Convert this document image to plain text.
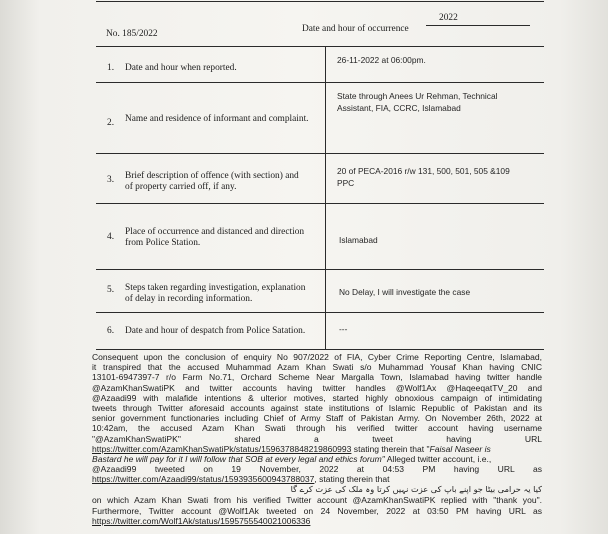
No. 185/2022	Date and hour of occurrence
2022
1. Date and hour when reported.
26-11-2022 at 06:00pm.
2. Name and residence of informant and complaint.
State through Anees Ur Rehman, Technical
Assistant, FIA, CCRC, Islamabad
3. Brief description of offence (with section) and
of property carried off, if any.
20 of PECA-2016 r/w 131, 500, 501, 505 &109
PPC
4. Place of occurrence and distanced and direction
from Police Station.	Islamabad
5. Steps taken regarding investigation, explanation
of delay in recording information.
No Delay, I will investigate the case
6. Date and hour of despatch from Police Satation.	---
Consequent upon the conclusion of enquiry No 907/2022 of FIA, Cyber Crime Reporting Centre, Islamabad,
it transpired that the accused Muhammad Azam Khan Swati s/o Muhammad Yousaf Khan having CNIC
13101-6947397-7 r/o Farm No.71, Orchard Scheme Near Margalla Town, Islamabad having twitter handle
@AzamKhanSwatiPK and twitter accounts having twitter handles @Wolf1Ax @HaqeeqatTV_20 and
@Azaadi99 with malafide intentions & ulterior motives, started highly obnoxious campaign of intimidating
tweets through Twitter aforesaid accounts against state institutions of Islamic Republic of Pakistan and its
senior government functionaries including Chief of Army Staff of Pakistan Army. On November 26th, 2022 at
10:42am, the accused Azam Khan Swati through his verified twitter account having username
"@AzamKhanSwatiPK"	shared	a	tweet	having	URL
https://twitter.com/AzamKhanSwatiPk/status/1596378848219860993 stating therein that "Faisal Naseer is
Bastard he will pay for it I will follow that SOB at every legal and ethics forum" Alleged twitter account, i.e.,
@Azaadi99 tweeted on 19 November, 2022 at 04:53 PM having URL as
https://twitter.com/Azaadi99/status/1593935600943788037, stating therein that
کیا یہ حرامی بیٹا جو اپنے باپ کی عزت نہیں کرتا وہ ملک کی عزت کرے گا
on which Azam Khan Swati from his verified Twitter account @AzamKhanSwatiPK replied with "thank you".
Furthermore, Twitter account @Wolf1Ak tweeted on 24 November, 2022 at 03:50 PM having URL as
https://twitter.com/Wolf1Ak/status/1595755540021006336
